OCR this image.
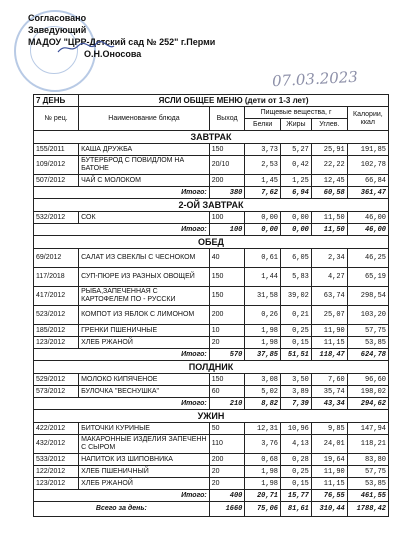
Согласовано
Заведующий
МАДОУ "ЦРР-Детский сад № 252" г.Перми
О.Н.Оносова
07.03.2023
7 ДЕНЬ	ЯСЛИ ОБЩЕЕ МЕНЮ (дети от 1-3 лет)					
№ рец.	Наименование блюда	Выход	Пищевые вещества, г			Калории, ккал
			Белки	Жиры	Углев.	
ЗАВТРАК						
155/2011	КАША ДРУЖБА	150	3,73	5,27	25,91	191,85
109/2012	БУТЕРБРОД С ПОВИДЛОМ НА БАТОНЕ	20/10	2,53	0,42	22,22	102,78
507/2012	ЧАЙ С МОЛОКОМ	200	1,45	1,25	12,45	66,84
Итого:		380	7,62	6,94	60,58	361,47
2-ОЙ ЗАВТРАК						
532/2012	СОК	100	0,00	0,00	11,50	46,00
Итого:		100	0,00	0,00	11,50	46,00
ОБЕД						
69/2012	САЛАТ ИЗ СВЕКЛЫ С ЧЕСНОКОМ	40	0,61	6,05	2,34	46,25
117/2018	СУП-ПЮРЕ ИЗ РАЗНЫХ ОВОЩЕЙ	150	1,44	5,83	4,27	65,19
417/2012	РЫБА,ЗАПЕЧЕННАЯ С КАРТОФЕЛЕМ ПО - РУССКИ	150	31,58	39,02	63,74	298,54
523/2012	КОМПОТ ИЗ ЯБЛОК С ЛИМОНОМ	200	0,26	0,21	25,07	103,20
185/2012	ГРЕНКИ ПШЕНИЧНЫЕ	10	1,98	0,25	11,90	57,75
123/2012	ХЛЕБ РЖАНОЙ	20	1,98	0,15	11,15	53,85
Итого:		570	37,85	51,51	118,47	624,78
ПОЛДНИК						
529/2012	МОЛОКО КИПЯЧЕНОЕ	150	3,08	3,50	7,60	96,60
573/2012	БУЛОЧКА "ВЕСНУШКА"	60	5,02	3,89	35,74	198,02
Итого:		210	8,82	7,39	43,34	294,62
УЖИН						
422/2012	БИТОЧКИ КУРИНЫЕ	50	12,31	10,96	9,85	147,94
432/2012	МАКАРОННЫЕ ИЗДЕЛИЯ ЗАПЕЧЕНН С СЫРОМ	110	3,76	4,13	24,01	118,21
533/2012	НАПИТОК ИЗ ШИПОВНИКА	200	0,68	0,28	19,64	83,80
122/2012	ХЛЕБ ПШЕНИЧНЫЙ	20	1,98	0,25	11,90	57,75
123/2012	ХЛЕБ РЖАНОЙ	20	1,98	0,15	11,15	53,85
Итого:		400	20,71	15,77	76,55	461,55
Всего за день:		1660	75,06	81,61	310,44	1788,42
